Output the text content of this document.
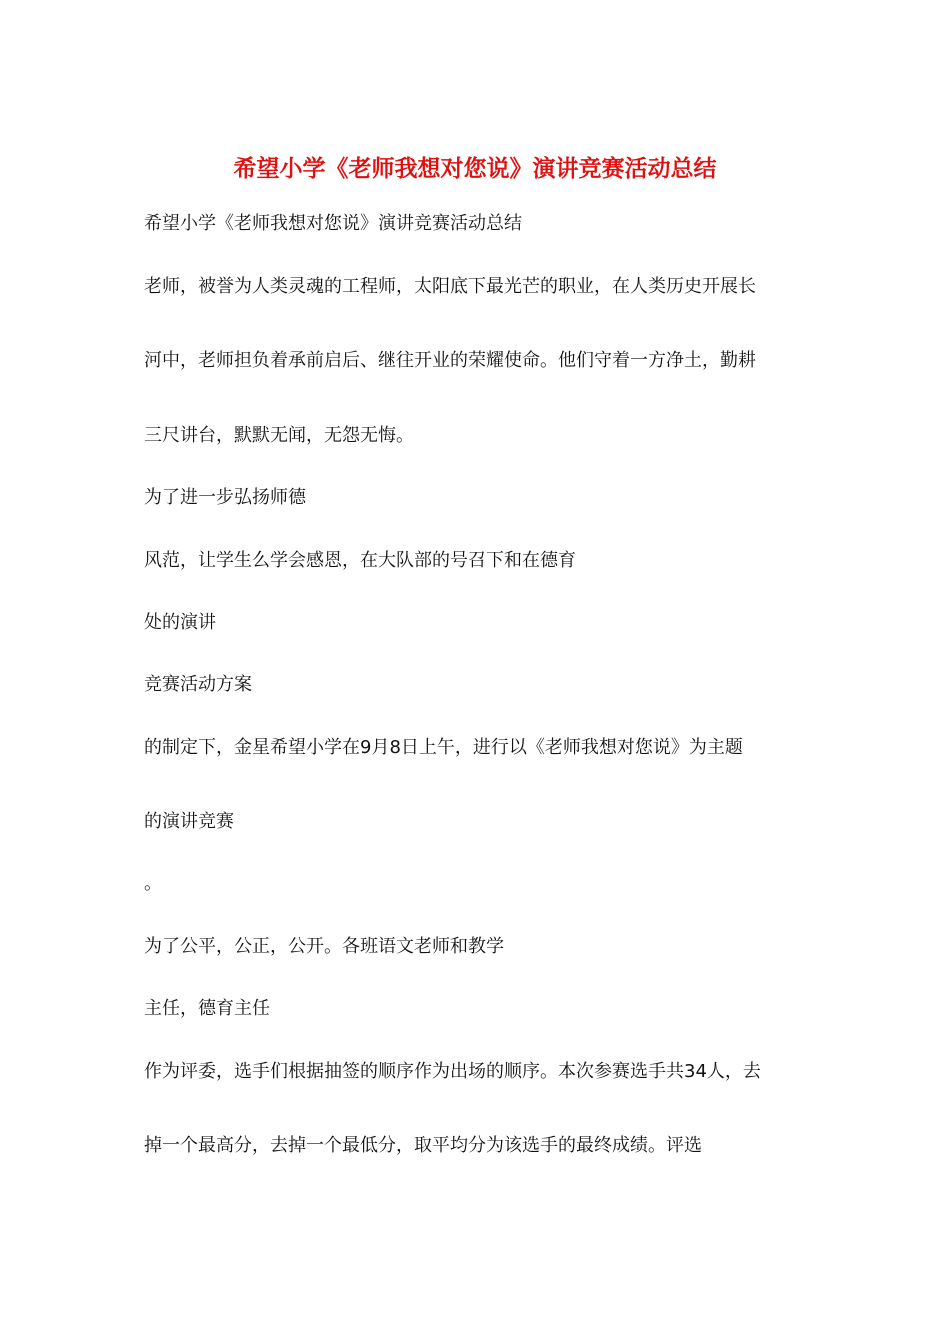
希望小学《老师我想对您说》演讲竞赛活动总结
希望小学《老师我想对您说》演讲竞赛活动总结
老师，被誉为人类灵魂的工程师，太阳底下最光芒的职业，在人类历史开展长
河中，老师担负着承前启后、继往开业的荣耀使命。他们守着一方净土，勤耕
三尺讲台，默默无闻，无怨无悔。
为了进一步弘扬师德
风范，让学生么学会感恩，在大队部的号召下和在德育
处的演讲
竞赛活动方案
的制定下，金星希望小学在9月8日上午，进行以《老师我想对您说》为主题
的演讲竞赛
。
为了公平，公正，公开。各班语文老师和教学
主任，德育主任
作为评委，选手们根据抽签的顺序作为出场的顺序。本次参赛选手共34人，去
掉一个最高分，去掉一个最低分，取平均分为该选手的最终成绩。评选
